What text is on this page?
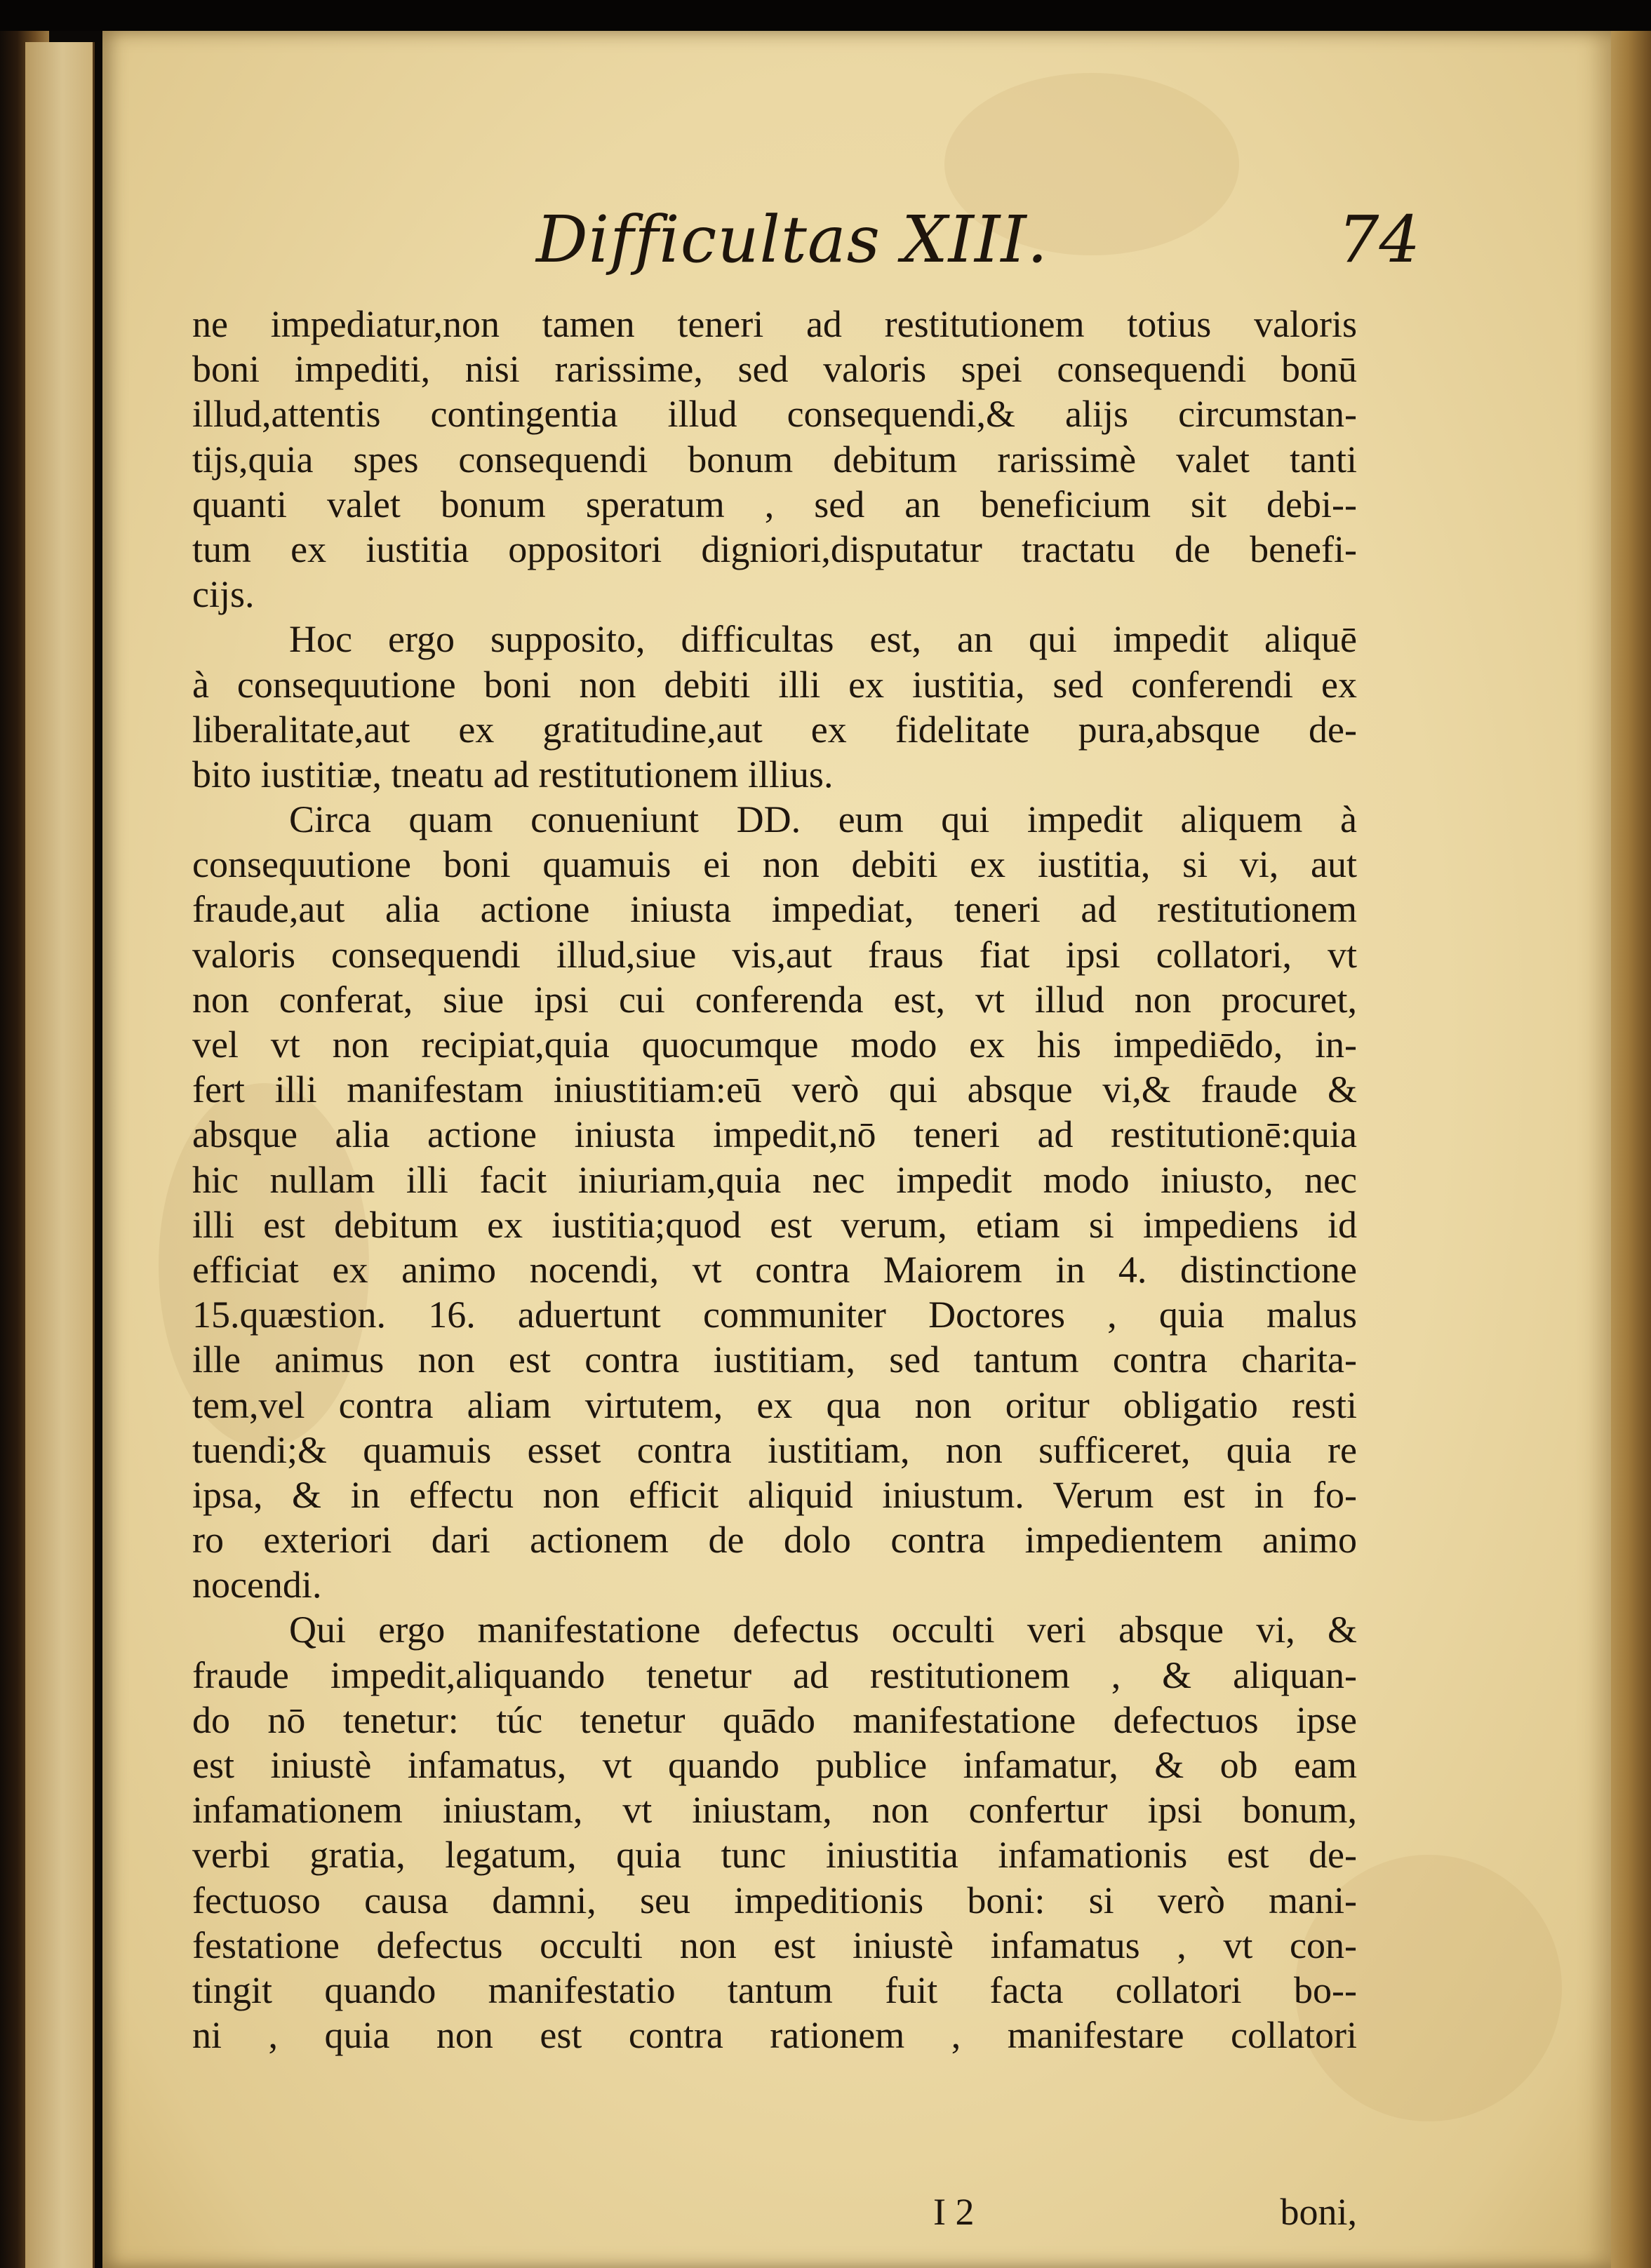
Difficultas XIII.	74
ne impediatur,non tamen teneri ad restitutionem totius valoris
boni impediti, nisi rarissime, sed valoris spei consequendi bonū
illud,attentis contingentia illud consequendi,& alijs circumstan-
tijs,quia spes consequendi bonum debitum rarissimè valet tanti
quanti valet bonum speratum , sed an beneficium sit debi--
tum ex iustitia oppositori digniori,disputatur tractatu de benefi-
cijs.
Hoc ergo supposito, difficultas est, an qui impedit aliquē
à consequutione boni non debiti illi ex iustitia, sed conferendi ex
liberalitate,aut ex gratitudine,aut ex fidelitate pura,absque de-
bito iustitiæ, tneatu ad restitutionem illius.
Circa quam conueniunt DD. eum qui impedit aliquem à
consequutione boni quamuis ei non debiti ex iustitia, si vi, aut
fraude,aut alia actione iniusta impediat, teneri ad restitutionem
valoris consequendi illud,siue vis,aut fraus fiat ipsi collatori, vt
non conferat, siue ipsi cui conferenda est, vt illud non procuret,
vel vt non recipiat,quia quocumque modo ex his impediēdo, in-
fert illi manifestam iniustitiam:eū verò qui absque vi,& fraude &
absque alia actione iniusta impedit,nō teneri ad restitutionē:quia
hic nullam illi facit iniuriam,quia nec impedit modo iniusto, nec
illi est debitum ex iustitia;quod est verum, etiam si impediens id
efficiat ex animo nocendi, vt contra Maiorem in 4. distinctione
15.quæstion. 16. aduertunt communiter Doctores , quia malus
ille animus non est contra iustitiam, sed tantum contra charita-
tem,vel contra aliam virtutem, ex qua non oritur obligatio resti
tuendi;& quamuis esset contra iustitiam, non sufficeret, quia re
ipsa, & in effectu non efficit aliquid iniustum. Verum est in fo-
ro exteriori dari actionem de dolo contra impedientem animo
nocendi.
Qui ergo manifestatione defectus occulti veri absque vi, &
fraude impedit,aliquando tenetur ad restitutionem , & aliquan-
do nō tenetur: túc tenetur quādo manifestatione defectuos ipse
est iniustè infamatus, vt quando publice infamatur, & ob eam
infamationem iniustam, vt iniustam, non confertur ipsi bonum,
verbi gratia, legatum, quia tunc iniustitia infamationis est de-
fectuoso causa damni, seu impeditionis boni: si verò mani-
festatione defectus occulti non est iniustè infamatus , vt con-
tingit quando manifestatio tantum fuit facta collatori bo--
ni , quia non est contra rationem , manifestare collatori
I 2	boni,
